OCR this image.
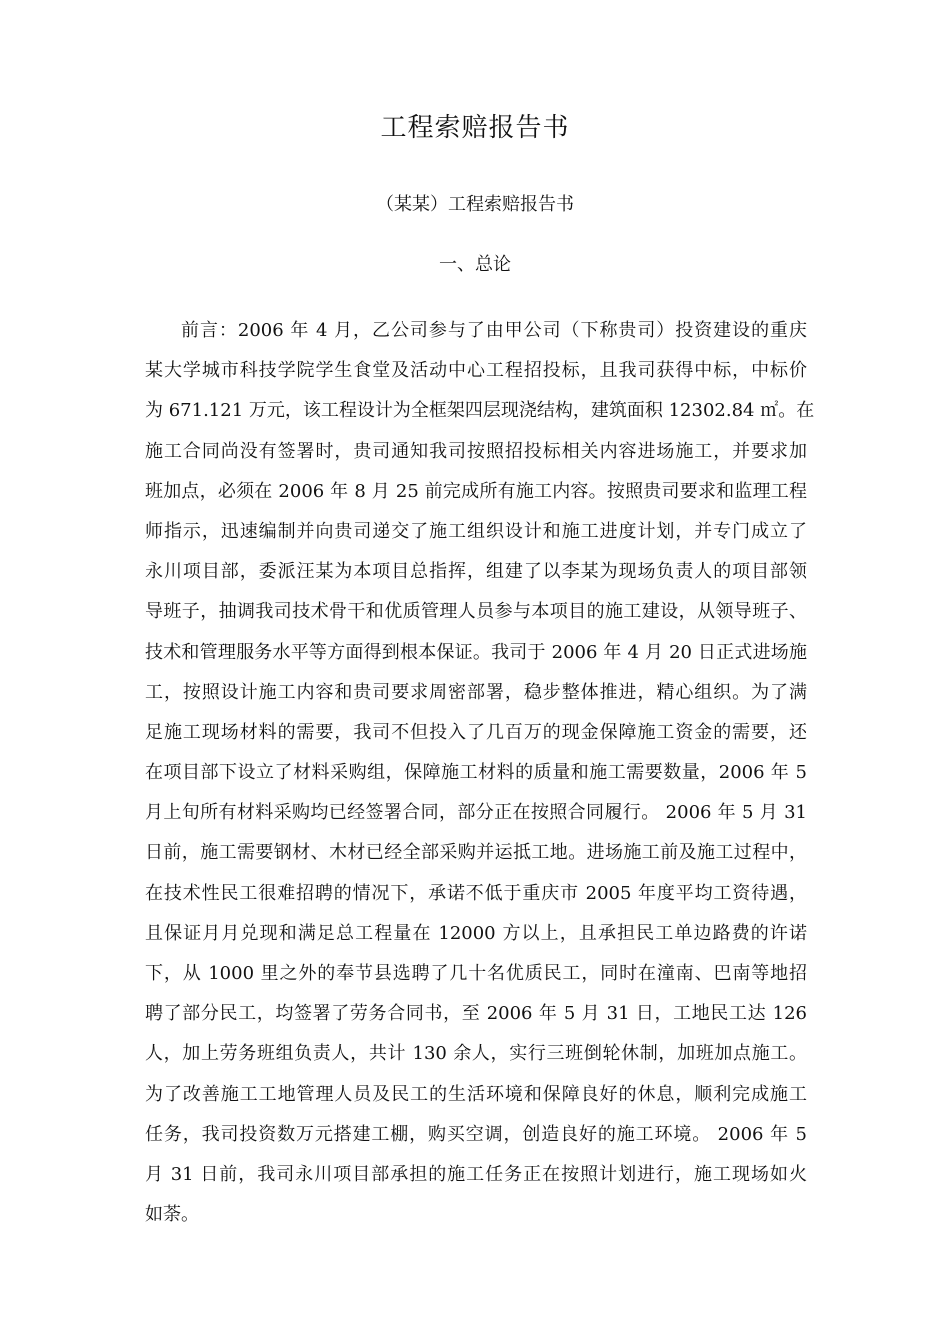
工程索赔报告书
（某某）工程索赔报告书
一、总论
前言：2006 年 4 月，乙公司参与了由甲公司（下称贵司）投资建设的重庆
某大学城市科技学院学生食堂及活动中心工程招投标，且我司获得中标，中标价
为 671.121 万元，该工程设计为全框架四层现浇结构，建筑面积 12302.84 ㎡。在
施工合同尚没有签署时，贵司通知我司按照招投标相关内容进场施工，并要求加
班加点，必须在 2006 年 8 月 25 前完成所有施工内容。按照贵司要求和监理工程
师指示，迅速编制并向贵司递交了施工组织设计和施工进度计划，并专门成立了
永川项目部，委派汪某为本项目总指挥，组建了以李某为现场负责人的项目部领
导班子，抽调我司技术骨干和优质管理人员参与本项目的施工建设，从领导班子、
技术和管理服务水平等方面得到根本保证。我司于 2006 年 4 月 20 日正式进场施
工，按照设计施工内容和贵司要求周密部署，稳步整体推进，精心组织。为了满
足施工现场材料的需要，我司不但投入了几百万的现金保障施工资金的需要，还
在项目部下设立了材料采购组，保障施工材料的质量和施工需要数量，2006 年 5
月上旬所有材料采购均已经签署合同，部分正在按照合同履行。 2006 年 5 月 31
日前，施工需要钢材、木材已经全部采购并运抵工地。进场施工前及施工过程中，
在技术性民工很难招聘的情况下，承诺不低于重庆市 2005 年度平均工资待遇，
且保证月月兑现和满足总工程量在 12000 方以上，且承担民工单边路费的许诺
下，从 1000 里之外的奉节县选聘了几十名优质民工，同时在潼南、巴南等地招
聘了部分民工，均签署了劳务合同书，至 2006 年 5 月 31 日，工地民工达 126
人，加上劳务班组负责人，共计 130 余人，实行三班倒轮休制，加班加点施工。
为了改善施工工地管理人员及民工的生活环境和保障良好的休息，顺利完成施工
任务，我司投资数万元搭建工棚，购买空调，创造良好的施工环境。 2006 年 5
月 31 日前，我司永川项目部承担的施工任务正在按照计划进行，施工现场如火
如荼。
